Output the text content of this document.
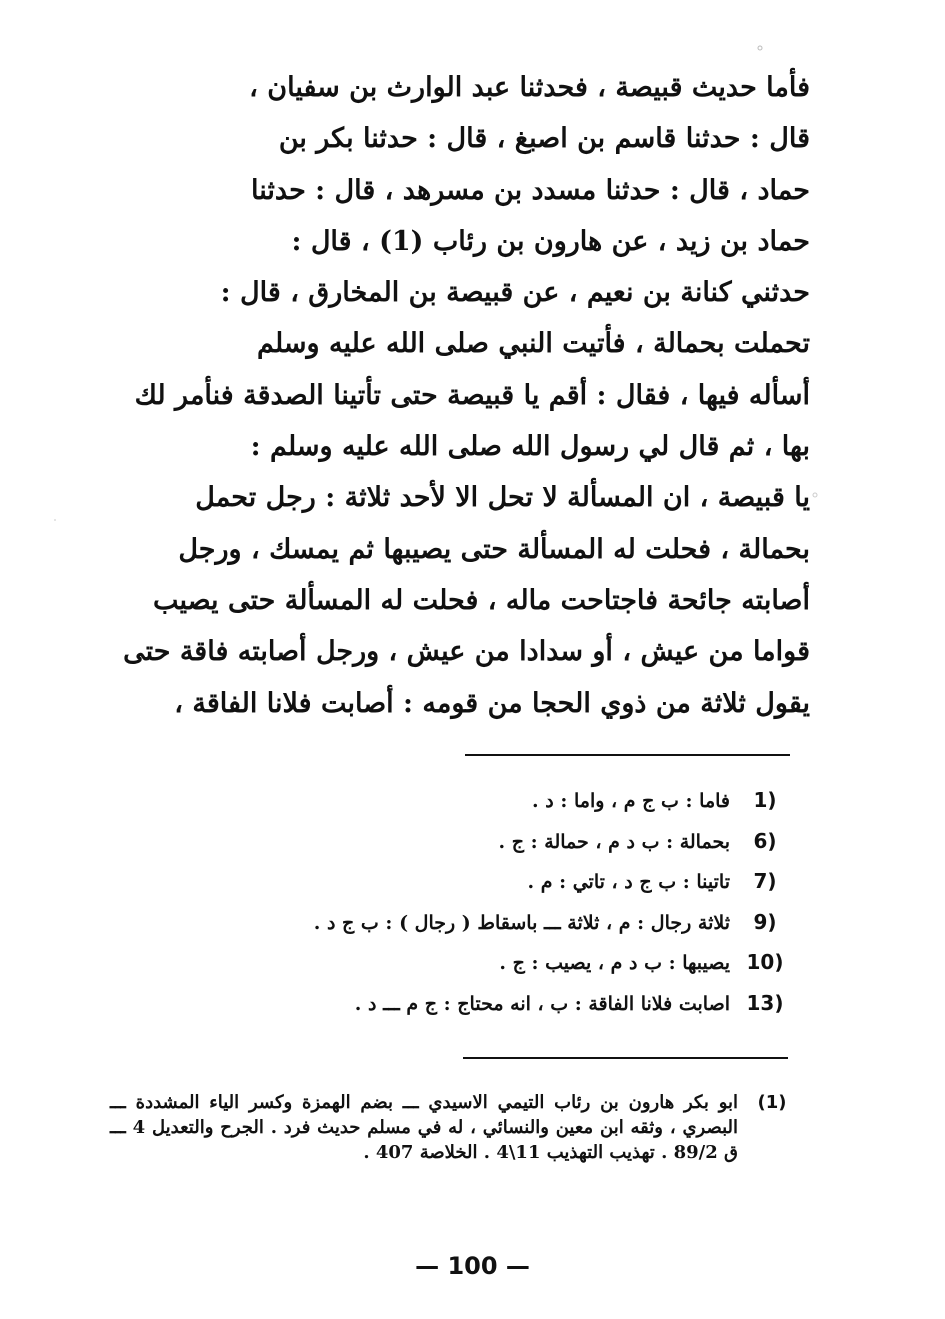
فأما حديث قبيصة ، فحدثنا عبد الوارث بن سفيان ،
قال : حدثنا قاسم بن اصبغ ، قال : حدثنا بكر بن
حماد ، قال : حدثنا مسدد بن مسرهد ، قال : حدثنا
حماد بن زيد ، عن هارون بن رئاب (1) ، قال :
حدثني كنانة بن نعيم ، عن قبيصة بن المخارق ، قال :
تحملت بحمالة ، فأتيت النبي صلى الله عليه وسلم
أسأله فيها ، فقال : أقم يا قبيصة حتى تأتينا الصدقة فنأمر لك
بها ، ثم قال لي رسول الله صلى الله عليه وسلم :
يا قبيصة ، ان المسألة لا تحل الا لأحد ثلاثة : رجل تحمل
بحمالة ، فحلت له المسألة حتى يصيبها ثم يمسك ، ورجل
أصابته جائحة فاجتاحت ماله ، فحلت له المسألة حتى يصيب
قواما من عيش ، أو سدادا من عيش ، ورجل أصابته فاقة حتى
يقول ثلاثة من ذوي الحجا من قومه : أصابت فلانا الفاقة ،
1)
فاما : ب ج م ، واما : د .
6)
بحمالة : ب د م ، حمالة : ج .
7)
تاتينا : ب ج د ، تاتي : م .
9)
ثلاثة رجال : م ، ثلاثة ـــ باسقاط ( رجال ) : ب ج د .
10)
يصيبها : ب د م ، يصيب : ج .
13)
اصابت فلانا الفاقة : ب ، انه محتاج : ج م ـــ د .
(1)
ابو بكر هارون بن رئاب التيمي الاسيدي ـــ بضم الهمزة وكسر الياء المشددة ـــ البصري ، وثقه ابن معين والنسائي ، له في مسلم حديث فرد . الجرح والتعديل 4 ـــ ق 89/2 . تهذيب التهذيب 11\4 . الخلاصة 407 .
— 100 —
